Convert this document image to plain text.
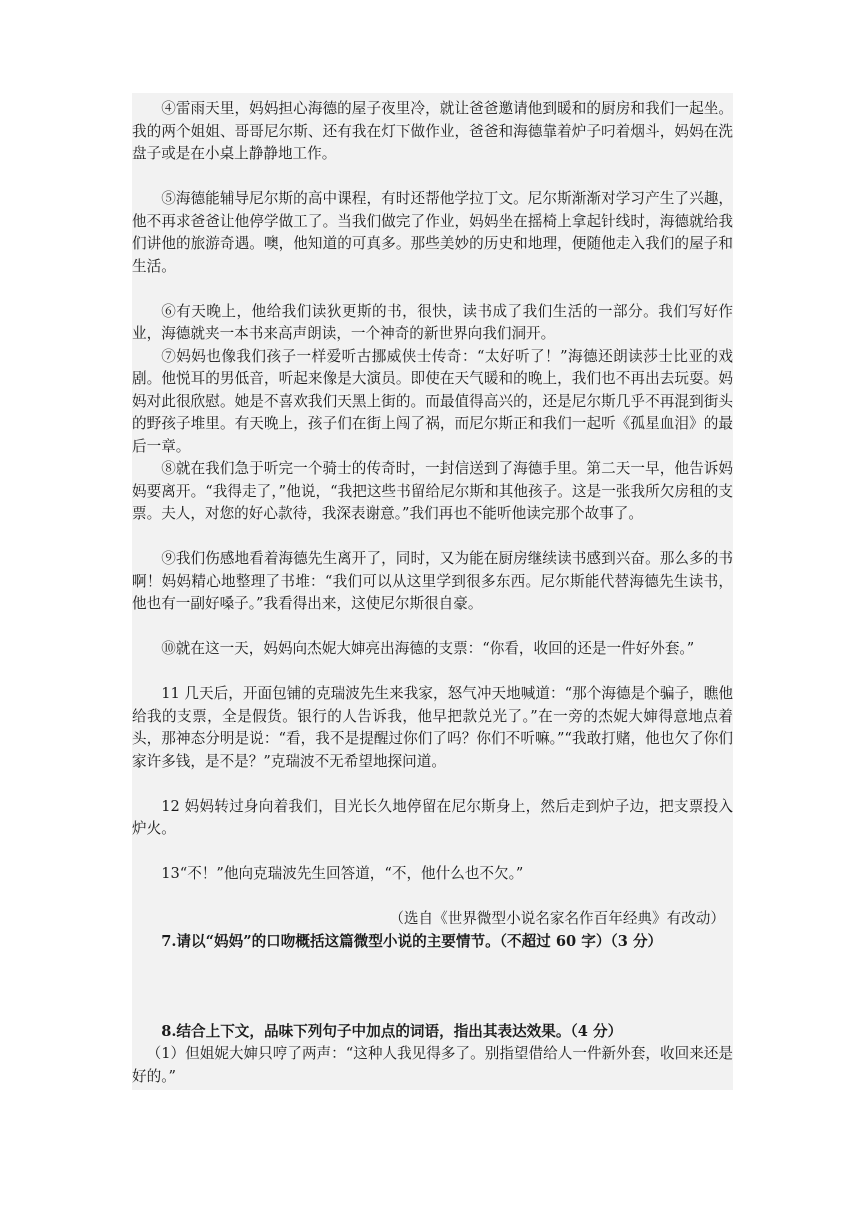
④雷雨天里，妈妈担心海德的屋子夜里冷，就让爸爸邀请他到暖和的厨房和我们一起坐。我的两个姐姐、哥哥尼尔斯、还有我在灯下做作业，爸爸和海德靠着炉子叼着烟斗，妈妈在洗盘子或是在小桌上静静地工作。

⑤海德能辅导尼尔斯的高中课程，有时还帮他学拉丁文。尼尔斯渐渐对学习产生了兴趣，他不再求爸爸让他停学做工了。当我们做完了作业，妈妈坐在摇椅上拿起针线时，海德就给我们讲他的旅游奇遇。噢，他知道的可真多。那些美妙的历史和地理，便随他走入我们的屋子和生活。

⑥有天晚上，他给我们读狄更斯的书，很快，读书成了我们生活的一部分。我们写好作业，海德就夹一本书来高声朗读，一个神奇的新世界向我们洞开。

⑦妈妈也像我们孩子一样爱听古挪威侠士传奇：“太好听了！”海德还朗读莎士比亚的戏剧。他悦耳的男低音，听起来像是大演员。即使在天气暖和的晚上，我们也不再出去玩耍。妈妈对此很欣慰。她是不喜欢我们天黑上街的。而最值得高兴的，还是尼尔斯几乎不再混到街头的野孩子堆里。有天晚上，孩子们在街上闯了祸，而尼尔斯正和我们一起听《孤星血泪》的最后一章。

⑧就在我们急于听完一个骑士的传奇时，一封信送到了海德手里。第二天一早，他告诉妈妈要离开。“我得走了，”他说，“我把这些书留给尼尔斯和其他孩子。这是一张我所欠房租的支票。夫人，对您的好心款待，我深表谢意。”我们再也不能听他读完那个故事了。

⑨我们伤感地看着海德先生离开了，同时，又为能在厨房继续读书感到兴奋。那么多的书啊！妈妈精心地整理了书堆：“我们可以从这里学到很多东西。尼尔斯能代替海德先生读书，他也有一副好嗓子。”我看得出来，这使尼尔斯很自豪。

⑩就在这一天，妈妈向杰妮大婶亮出海德的支票：“你看，收回的还是一件好外套。”

11 几天后，开面包铺的克瑞波先生来我家，怒气冲天地喊道：“那个海德是个骗子，瞧他给我的支票，全是假货。银行的人告诉我，他早把款兑光了。”在一旁的杰妮大婶得意地点着头，那神态分明是说：“看，我不是提醒过你们了吗？你们不听嘛。”“我敢打赌，他也欠了你们家许多钱，是不是？”克瑞波不无希望地探问道。

12 妈妈转过身向着我们，目光长久地停留在尼尔斯身上，然后走到炉子边，把支票投入炉火。

13“不！”他向克瑞波先生回答道，“不，他什么也不欠。”

（选自《世界微型小说名家名作百年经典》有改动）

7.请以“妈妈”的口吻概括这篇微型小说的主要情节。（不超过 60 字）（3 分）

8.结合上下文，品味下列句子中加点的词语，指出其表达效果。（4 分）

（1）但姐妮大婶只哼了两声：“这种人我见得多了。别指望借给人一件新外套，收回来还是好的。”
